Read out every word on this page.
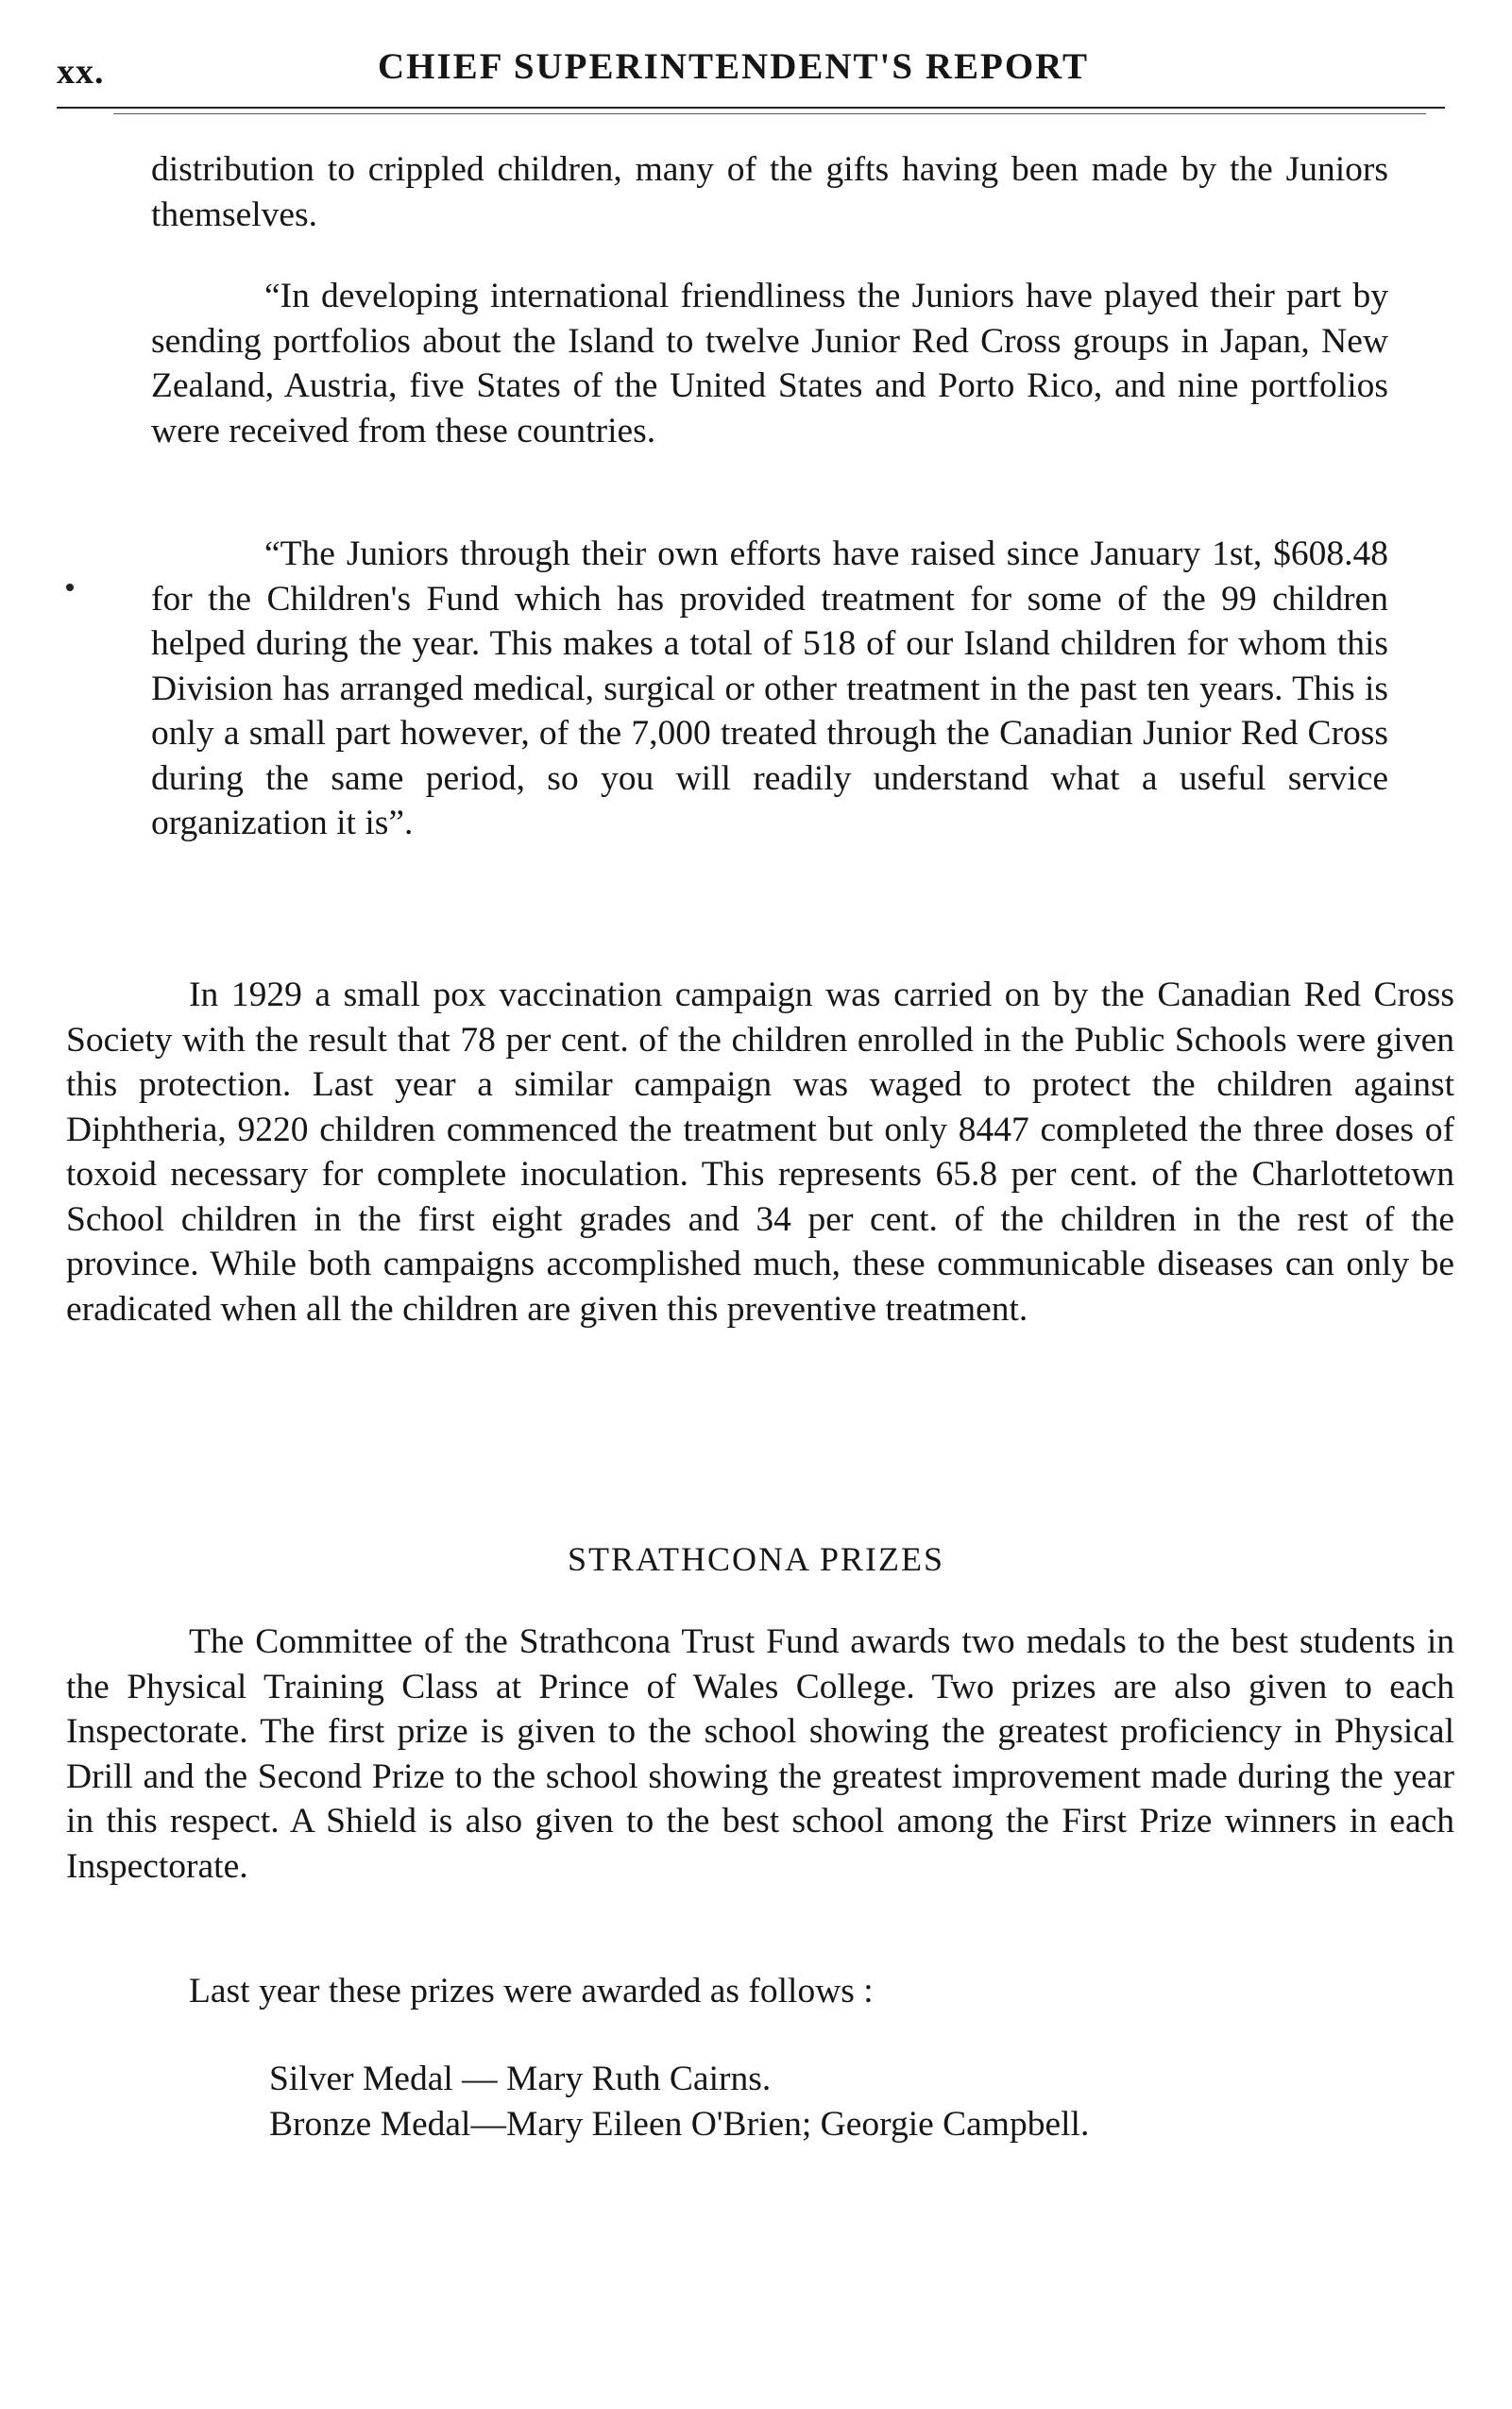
xx.	CHIEF SUPERINTENDENT'S REPORT

distribution to crippled children, many of the gifts having been made by the Juniors themselves.

“In developing international friendliness the Juniors have played their part by sending portfolios about the Island to twelve Junior Red Cross groups in Japan, New Zealand, Austria, five States of the United States and Porto Rico, and nine portfolios were received from these countries.

“The Juniors through their own efforts have raised since January 1st, $608.48 for the Children's Fund which has provided treatment for some of the 99 children helped during the year. This makes a total of 518 of our Island children for whom this Division has arranged medical, surgical or other treatment in the past ten years. This is only a small part however, of the 7,000 treated through the Canadian Junior Red Cross during the same period, so you will readily understand what a useful service organization it is”.

In 1929 a small pox vaccination campaign was carried on by the Canadian Red Cross Society with the result that 78 per cent. of the children enrolled in the Public Schools were given this protection. Last year a similar campaign was waged to protect the children against Diphtheria, 9220 children commenced the treatment but only 8447 completed the three doses of toxoid necessary for complete inoculation. This represents 65.8 per cent. of the Charlottetown School children in the first eight grades and 34 per cent. of the children in the rest of the province. While both campaigns accomplished much, these communicable diseases can only be eradicated when all the children are given this preventive treatment.

STRATHCONA PRIZES

The Committee of the Strathcona Trust Fund awards two medals to the best students in the Physical Training Class at Prince of Wales College. Two prizes are also given to each Inspectorate. The first prize is given to the school showing the greatest proficiency in Physical Drill and the Second Prize to the school showing the greatest improvement made during the year in this respect. A Shield is also given to the best school among the First Prize winners in each Inspectorate.

Last year these prizes were awarded as follows :

Silver Medal — Mary Ruth Cairns.
Bronze Medal—Mary Eileen O'Brien; Georgie Campbell.
